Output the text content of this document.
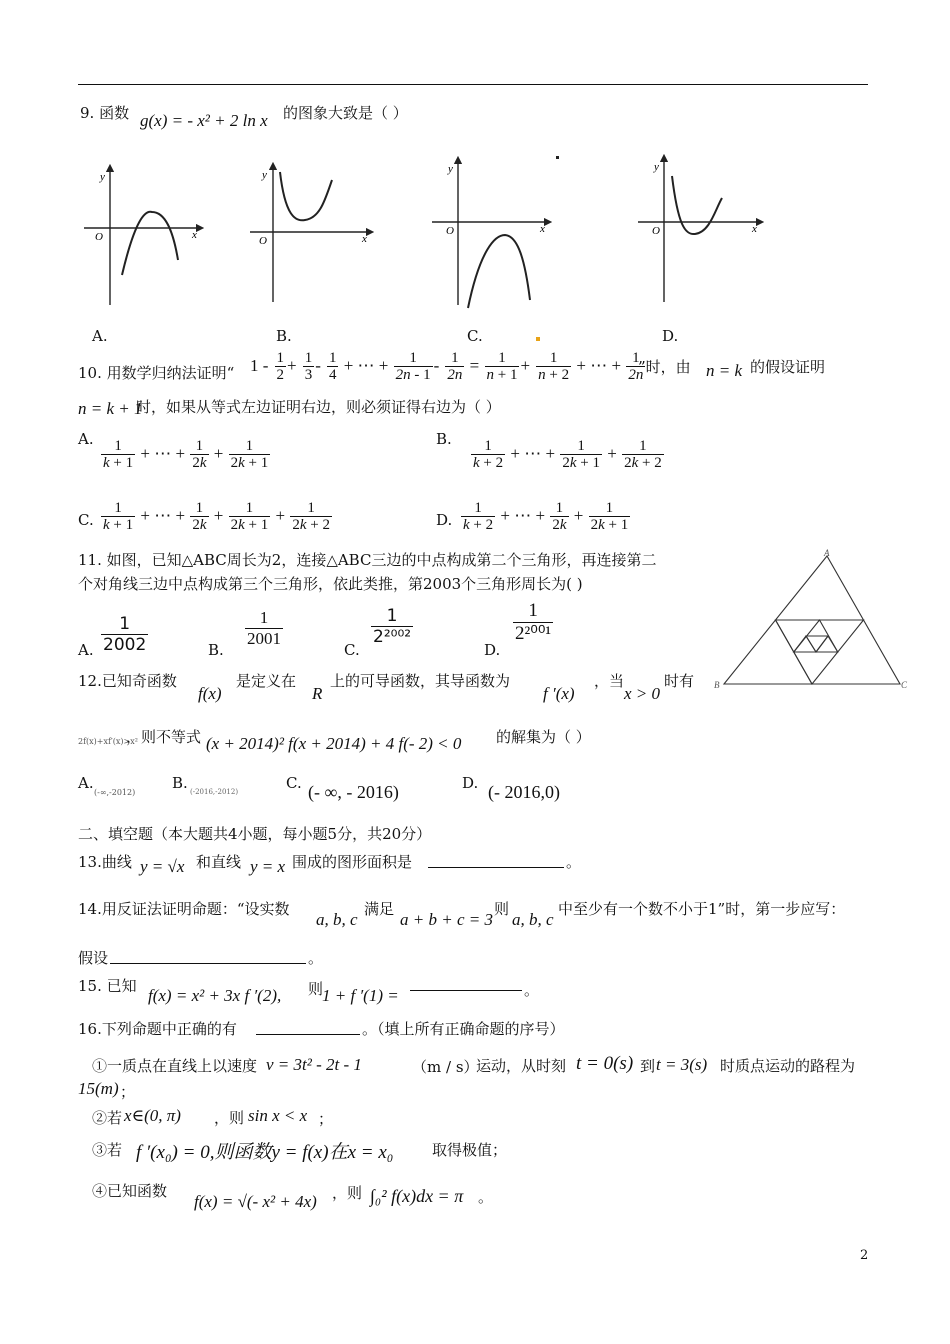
9. 函数 g(x) = - x² + 2 ln x 的图象大致是（ ）
y
x
O
y
x
O
y
x
O
y
x
O
A.	B.	C.	D.
10. 用数学归纳法证明“ $1 - \frac{1}{2} + \frac{1}{3} - \frac{1}{4}$ + ⋯ + $\frac{1}{2n - 1} - \frac{1}{2n} = \frac{1}{n + 1} + \frac{1}{n + 2}$ + ⋯ + $\frac{1}{2n}$
”时，由 n = k 的假设证明
n = k + 1
时，如果从等式左边证明右边，则必须证得右边为（ ）
A. $\frac{1}{k + 1}$ + ⋯ + $\frac{1}{2k} + \frac{1}{2k + 1}$	B. $\frac{1}{k + 2}$ + ⋯ + $\frac{1}{2k + 1} + \frac{1}{2k + 2}$
C. $\frac{1}{k + 1}$ + ⋯ + $\frac{1}{2k} + \frac{1}{2k + 1} + \frac{1}{2k + 2}$	D. $\frac{1}{k + 2}$ + ⋯ + $\frac{1}{2k} + \frac{1}{2k + 1}$
11. 如图，已知△ABC周长为2，连接△ABC三边的中点构成第二个三角形，再连接第二
个对角线三边中点构成第三个三角形，依此类推，第2003个三角形周长为( )
A. $\frac{1}{2002}$	B.
$\frac{1}{2001}$
C.
$\frac{1}{\text{2²⁰⁰²}}$
D.
$\frac{1}{\text{2²⁰⁰¹}}$
A
B	C
12.已知奇函数
f(x)
是定义在
R
上的可导函数，其导函数为
f ′(x)
，当
x > 0
时有
2f(x)+xf′(x)>x²
，则不等式 (x + 2014)² f(x + 2014) + 4 f(- 2) < 0 的解集为（ ）
A.
(-∞,-2012)
B. (-2016,-2012)	C. (- ∞, - 2016)	D. (- 2016,0)
二、填空题（本大题共4小题，每小题5分，共20分）
13.曲线 y = √x 和直线 y = x 围成的图形面积是	。
14.用反证法证明命题：“设实数
a, b, c
满足
a + b + c = 3
则
a, b, c
中至少有一个数不小于1”时，第一步应写：
假设	。
15. 已知 f(x) = x² + 3x f ′(2), 则
1 + f ′(1) =	。
16.下列命题中正确的有	。（填上所有正确命题的序号）
①一质点在直线上以速度 v = 3t² - 2t - 1	（m / s）
运动，从时刻 t = 0(s) 到 t = 3(s) 时质点运动的路程为
15(m) ；
②若 x∈(0, π) ，则 sin x < x ；
③若 f ′(x₀) = 0,则函数y = f(x)在x = x₀	取得极值；
④已知函数
f(x) = √(- x² + 4x) ，则 ∫₀² f(x)dx = π 。
2
